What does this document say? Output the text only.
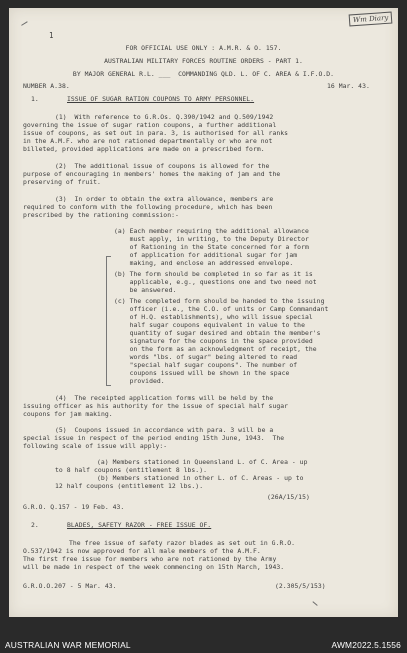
Wm Diary
1
FOR OFFICIAL USE ONLY : A.M.R. & O. 157.
AUSTRALIAN MILITARY FORCES ROUTINE ORDERS - PART 1.
BY MAJOR GENERAL R.L. ___  COMMANDING QLD. L. OF C. AREA & I.F.O.D.
NUMBER A.38.	16 Mar. 43.
1.	ISSUE OF SUGAR RATION COUPONS TO ARMY PERSONNEL.
(1)  With reference to G.R.Os. Q.390/1942 and Q.509/1942
governing the issue of sugar ration coupons, a further additional
issue of coupons, as set out in para. 3, is authorised for all ranks
in the A.M.F. who are not rationed departmentally or who are not
billeted, provided applications are made on a prescribed form.
(2)  The additional issue of coupons is allowed for the
purpose of encouraging in members' homes the making of jam and the
preserving of fruit.
(3)  In order to obtain the extra allowance, members are
required to conform with the following procedure, which has been
prescribed by the rationing commission:-
(a) Each member requiring the additional allowance
must apply, in writing, to the Deputy Director
of Rationing in the State concerned for a form
of application for additional sugar for jam
making, and enclose an addressed envelope.
(b) The form should be completed in so far as it is
applicable, e.g., questions one and two need not
be answered.
(c) The completed form should be handed to the issuing
officer (i.e., the C.O. of units or Camp Commandant
of H.Q. establishments), who will issue special
half sugar coupons equivalent in value to the
quantity of sugar desired and obtain the member's
signature for the coupons in the space provided
on the form as an acknowledgment of receipt, the
words "lbs. of sugar" being altered to read
"special half sugar coupons". The number of
coupons issued will be shown in the space
provided.
(4)  The receipted application forms will be held by the
issuing officer as his authority for the issue of special half sugar
coupons for jam making.
(5)  Coupons issued in accordance with para. 3 will be a
special issue in respect of the period ending 15th June, 1943.  The
following scale of issue will apply:-
(a) Members stationed in Queensland L. of C. Area - up
to 8 half coupons (entitlement 8 lbs.).
(b) Members stationed in other L. of C. Areas - up to
12 half coupons (entitlement 12 lbs.).
(26A/15/15)
G.R.O. Q.157 - 19 Feb. 43.
2.	BLADES, SAFETY RAZOR - FREE ISSUE OF.
The free issue of safety razor blades as set out in G.R.O.
O.537/1942 is now approved for all male members of the A.M.F.
The first free issue for members who are not rationed by the Army
will be made in respect of the week commencing on 15th March, 1943.
G.R.O.O.207 - 5 Mar. 43.	(2.305/5/153)
AUSTRALIAN WAR MEMORIAL	AWM2022.5.1556
